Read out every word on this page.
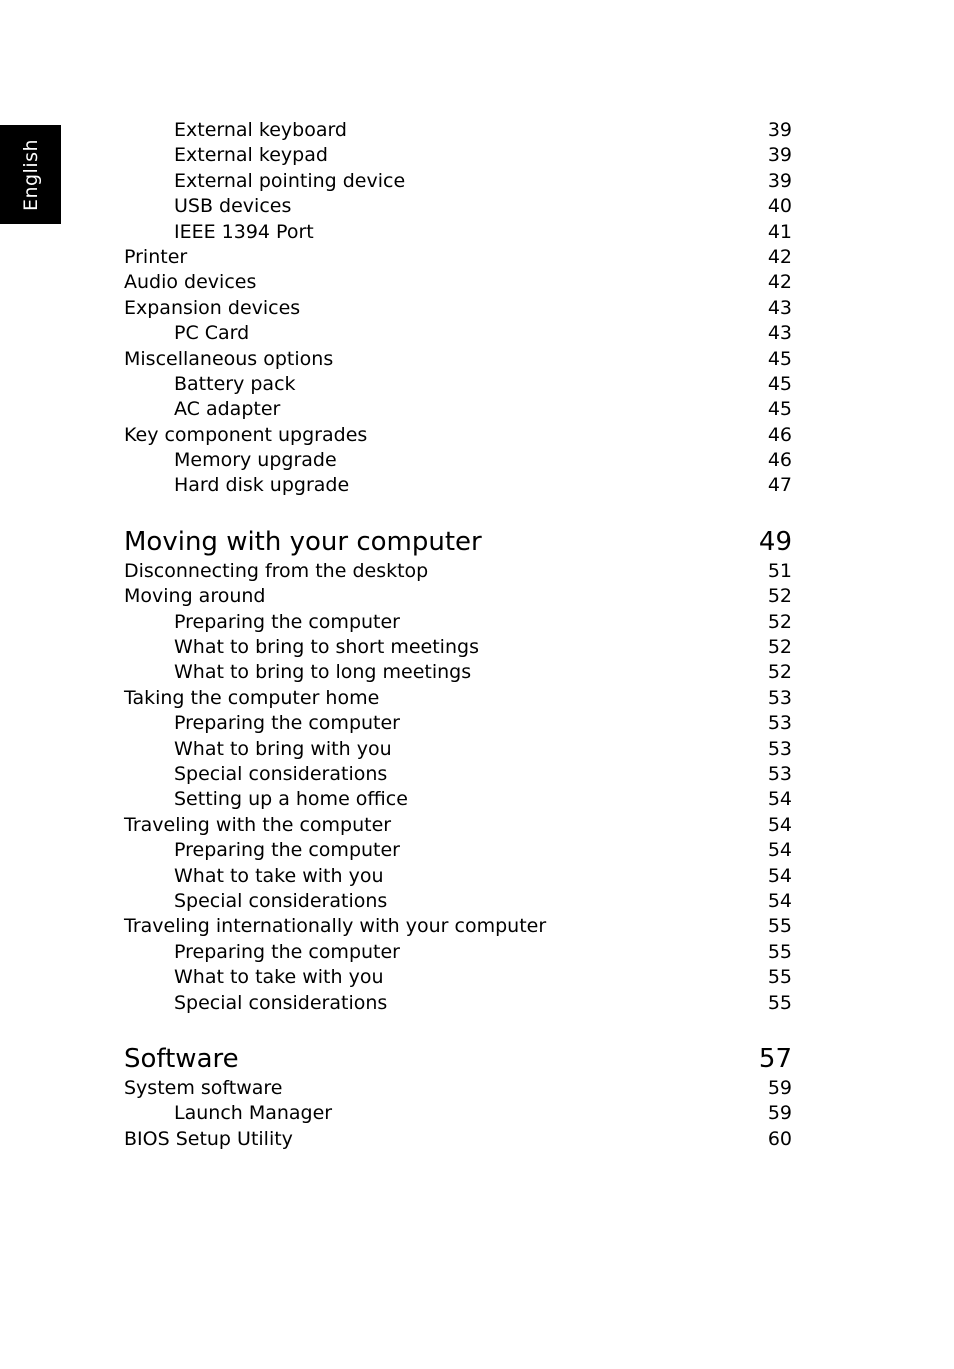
English
External keyboard	39
External keypad	39
External pointing device	39
USB devices	40
IEEE 1394 Port	41
Printer	42
Audio devices	42
Expansion devices	43
PC Card	43
Miscellaneous options	45
Battery pack	45
AC adapter	45
Key component upgrades	46
Memory upgrade	46
Hard disk upgrade	47
Moving with your computer	49
Disconnecting from the desktop	51
Moving around	52
Preparing the computer	52
What to bring to short meetings	52
What to bring to long meetings	52
Taking the computer home	53
Preparing the computer	53
What to bring with you	53
Special considerations	53
Setting up a home office	54
Traveling with the computer	54
Preparing the computer	54
What to take with you	54
Special considerations	54
Traveling internationally with your computer	55
Preparing the computer	55
What to take with you	55
Special considerations	55
Software	57
System software	59
Launch Manager	59
BIOS Setup Utility	60
